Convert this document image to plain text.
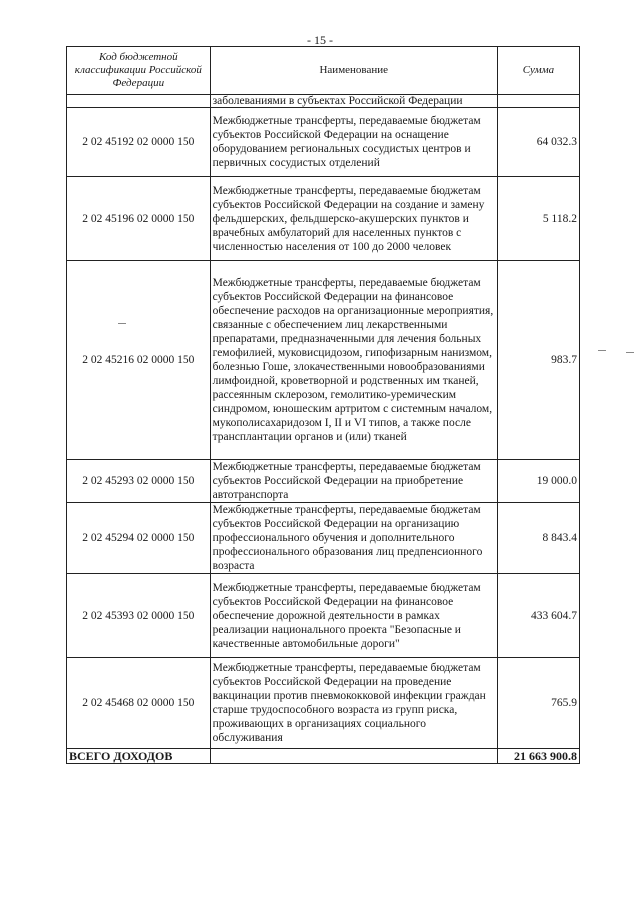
- 15 -
Код бюджетной классификации Российской Федерации	Наименование	Сумма
	заболеваниями в субъектах Российской Федерации	
2 02 45192 02 0000 150	Межбюджетные трансферты, передаваемые бюджетам субъектов Российской Федерации на оснащение оборудованием региональных сосудистых центров и первичных сосудистых отделений	64 032.3
2 02 45196 02 0000 150	Межбюджетные трансферты, передаваемые бюджетам субъектов Российской Федерации на создание и замену фельдшерских, фельдшерско-акушерских пунктов и врачебных амбулаторий для населенных пунктов с численностью населения от 100 до 2000 человек	5 118.2
2 02 45216 02 0000 150	Межбюджетные трансферты, передаваемые бюджетам субъектов Российской Федерации на финансовое обеспечение расходов на организационные мероприятия, связанные с обеспечением лиц лекарственными препаратами, предназначенными для лечения больных гемофилией, муковисцидозом, гипофизарным нанизмом, болезнью Гоше, злокачественными новообразованиями лимфоидной, кроветворной и родственных им тканей, рассеянным склерозом, гемолитико-уремическим синдромом, юношеским артритом с системным началом, мукополисахаридозом I, II и VI типов, а также после трансплантации органов и (или) тканей	983.7
2 02 45293 02 0000 150	Межбюджетные трансферты, передаваемые бюджетам субъектов Российской Федерации на приобретение автотранспорта	19 000.0
2 02 45294 02 0000 150	Межбюджетные трансферты, передаваемые бюджетам субъектов Российской Федерации на организацию профессионального обучения и дополнительного профессионального образования лиц предпенсионного возраста	8 843.4
2 02 45393 02 0000 150	Межбюджетные трансферты, передаваемые бюджетам субъектов Российской Федерации на финансовое обеспечение дорожной деятельности в рамках реализации национального проекта "Безопасные и качественные автомобильные дороги"	433 604.7
2 02 45468 02 0000 150	Межбюджетные трансферты, передаваемые бюджетам субъектов Российской Федерации на проведение вакцинации против пневмококковой инфекции граждан старше трудоспособного возраста из групп риска, проживающих в организациях социального обслуживания	765.9
ВСЕГО ДОХОДОВ		21 663 900.8
